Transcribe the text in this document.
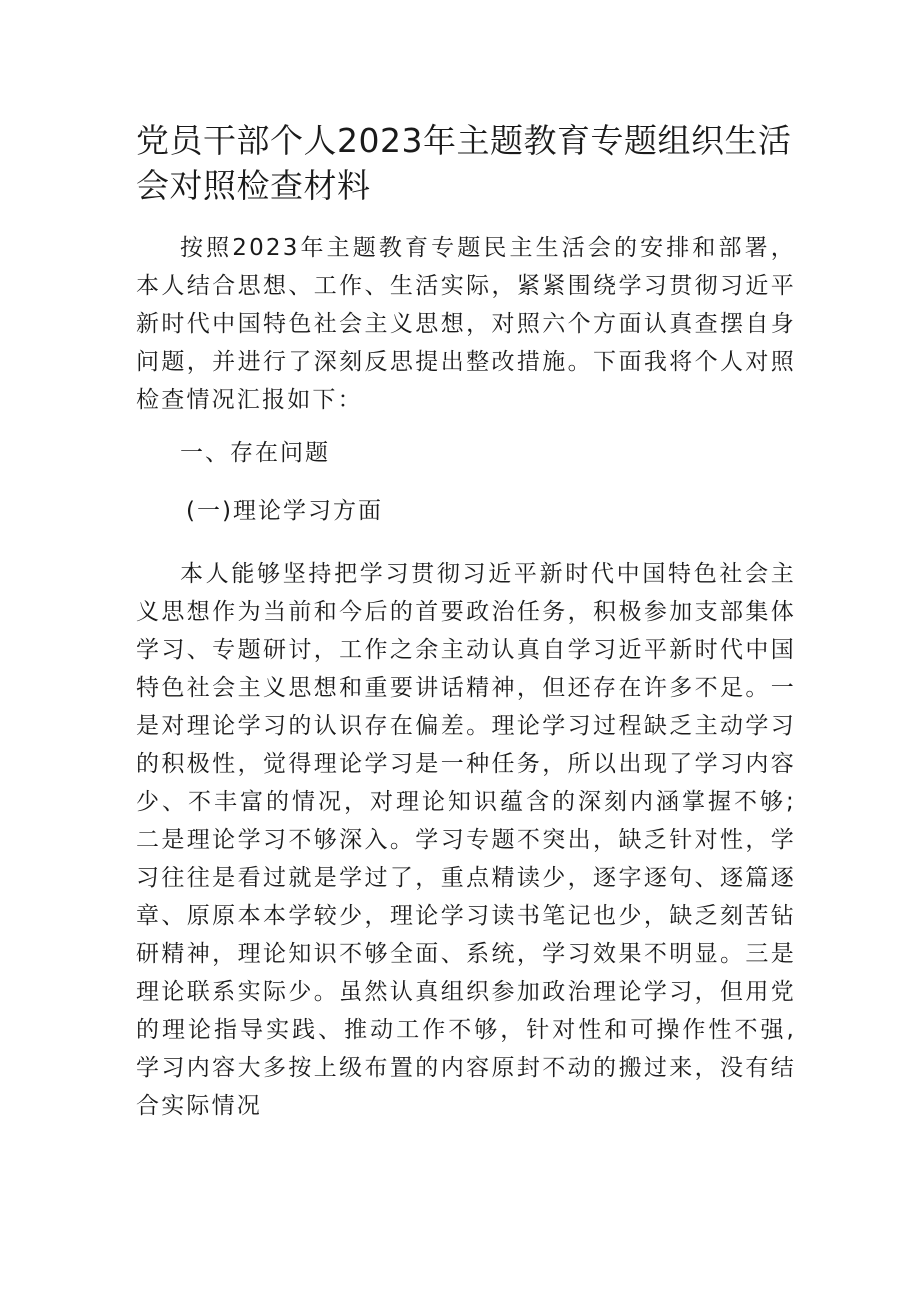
党员干部个人2023年主题教育专题组织生活会对照检查材料

按照2023年主题教育专题民主生活会的安排和部署，本人结合思想、工作、生活实际，紧紧围绕学习贯彻习近平新时代中国特色社会主义思想，对照六个方面认真查摆自身问题，并进行了深刻反思提出整改措施。下面我将个人对照检查情况汇报如下：

一、存在问题

(一)理论学习方面

本人能够坚持把学习贯彻习近平新时代中国特色社会主义思想作为当前和今后的首要政治任务，积极参加支部集体学习、专题研讨，工作之余主动认真自学习近平新时代中国特色社会主义思想和重要讲话精神，但还存在许多不足。一是对理论学习的认识存在偏差。理论学习过程缺乏主动学习的积极性，觉得理论学习是一种任务，所以出现了学习内容少、不丰富的情况，对理论知识蕴含的深刻内涵掌握不够;二是理论学习不够深入。学习专题不突出，缺乏针对性，学习往往是看过就是学过了，重点精读少，逐字逐句、逐篇逐章、原原本本学较少，理论学习读书笔记也少，缺乏刻苦钻研精神，理论知识不够全面、系统，学习效果不明显。三是理论联系实际少。虽然认真组织参加政治理论学习，但用党的理论指导实践、推动工作不够，针对性和可操作性不强,学习内容大多按上级布置的内容原封不动的搬过来，没有结合实际情况
